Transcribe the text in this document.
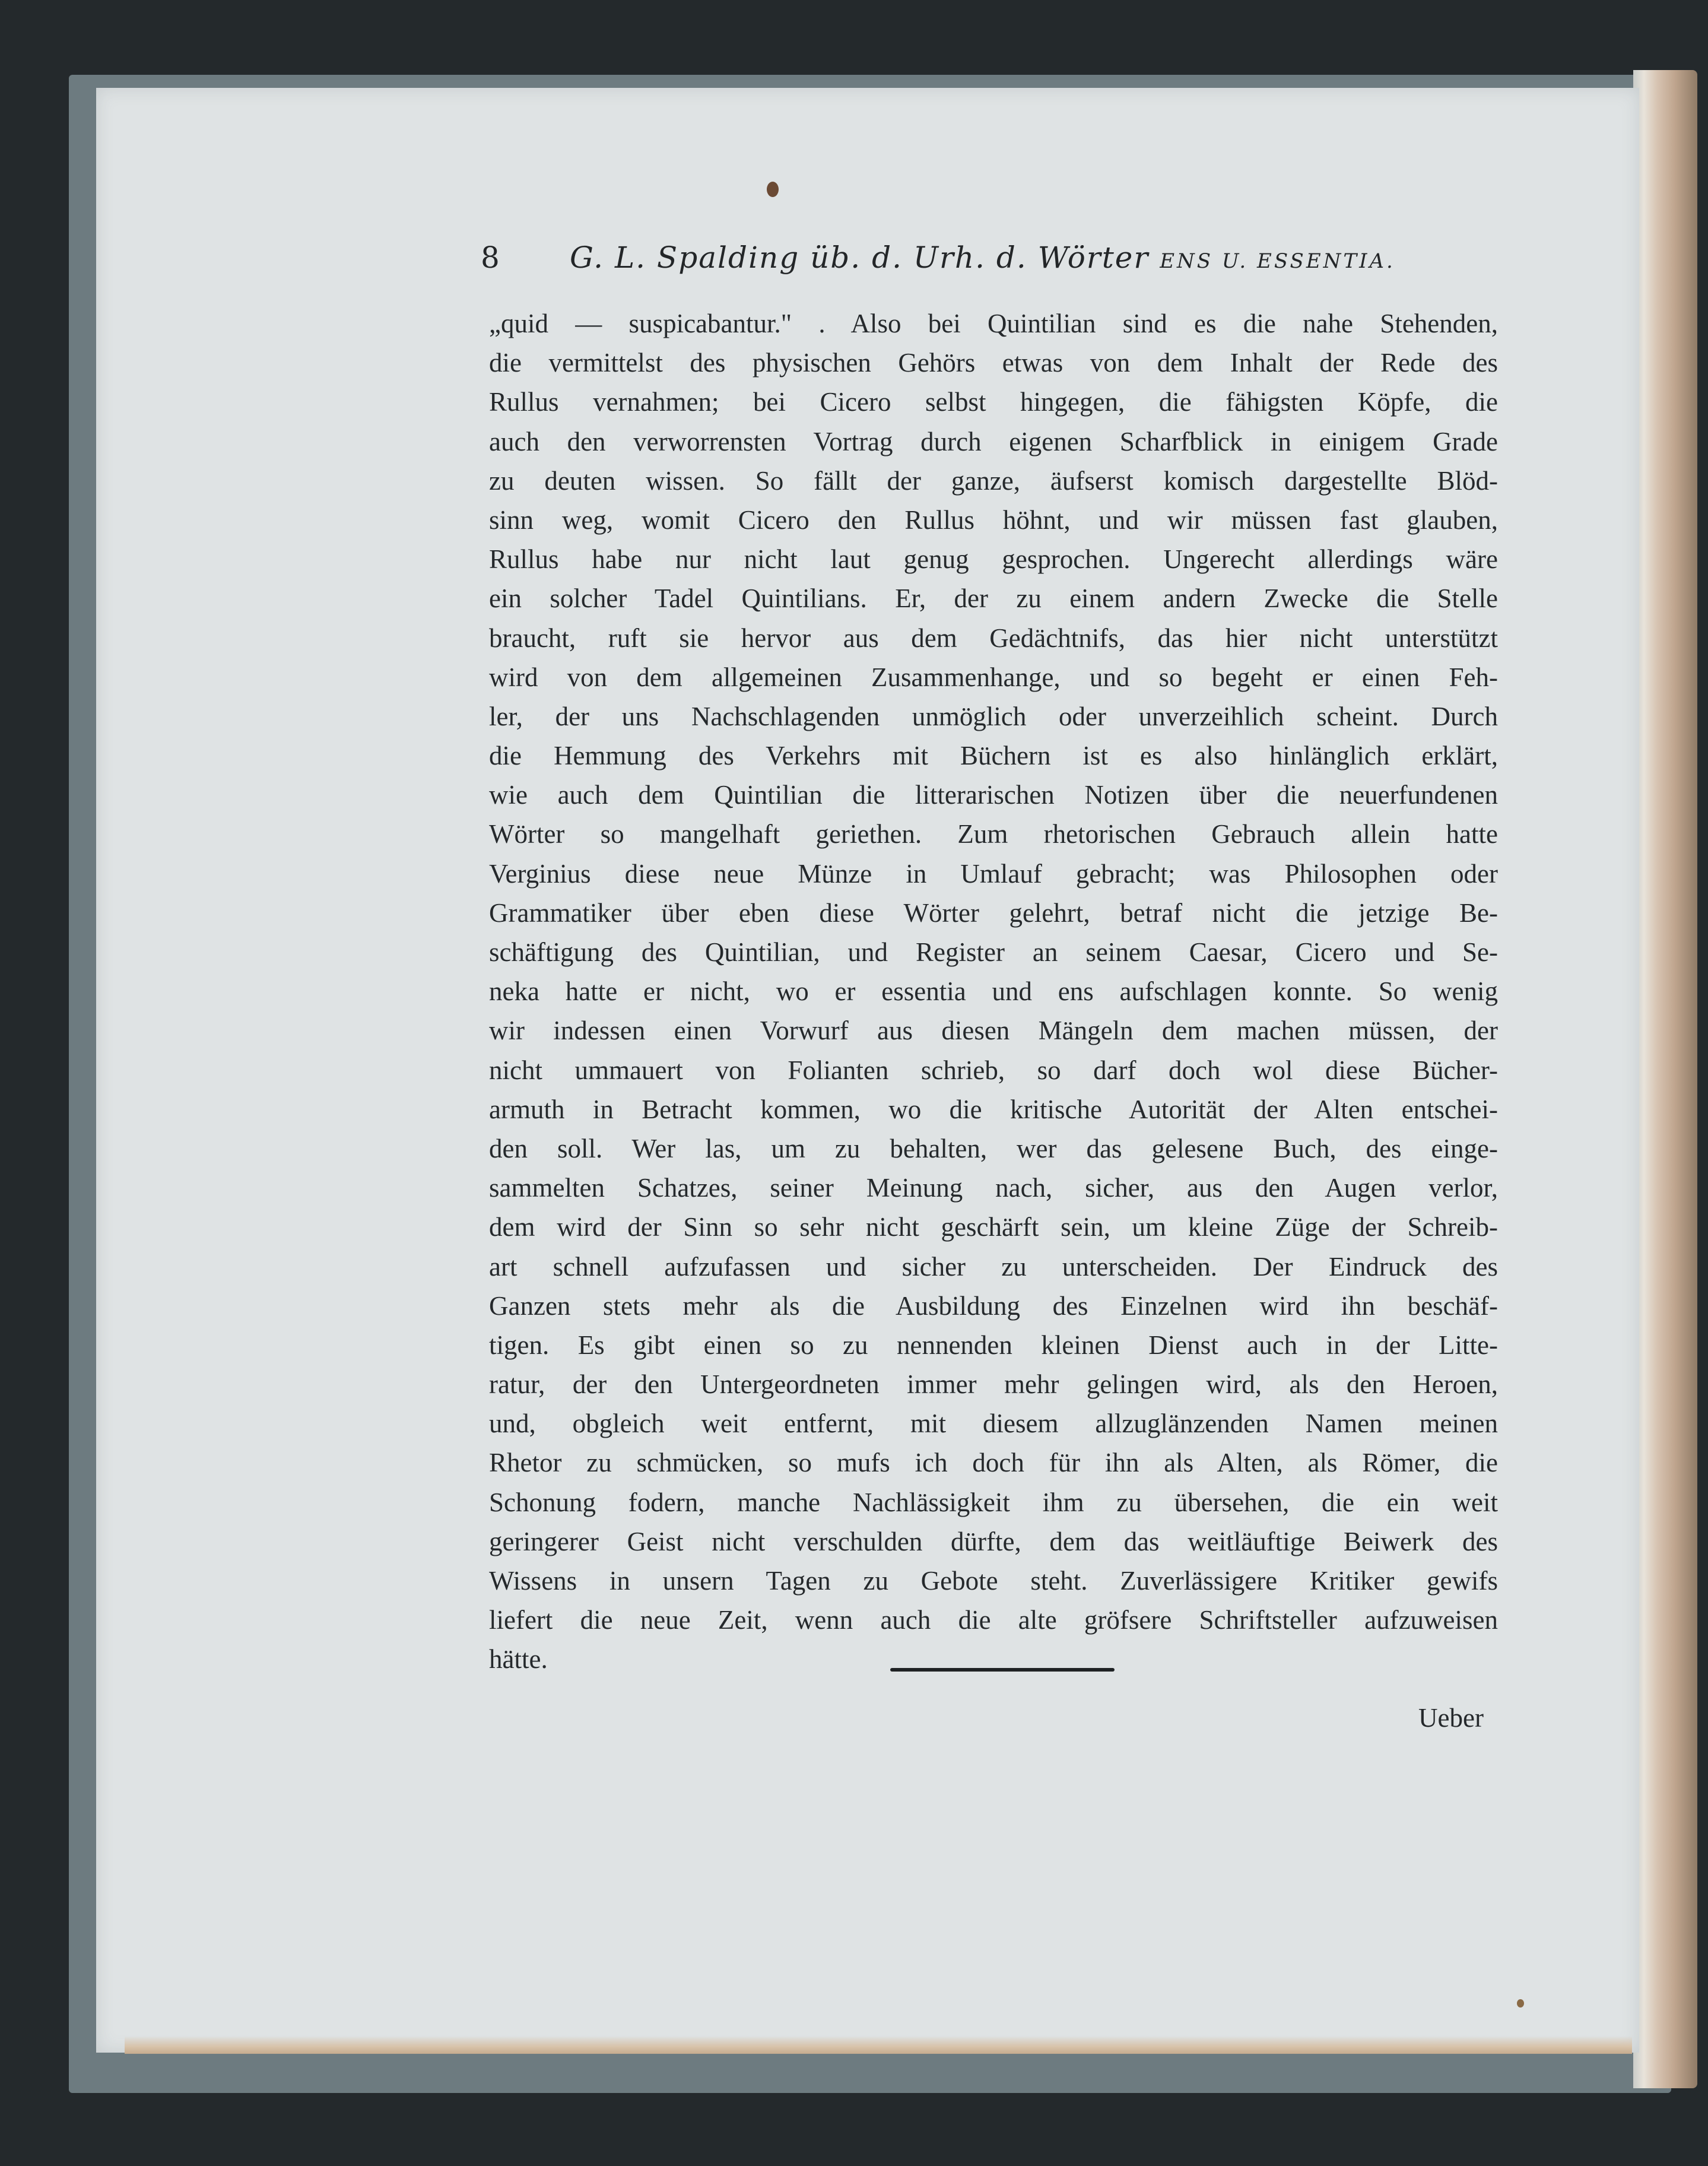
8 G. L. Spalding üb. d. Urh. d. Wörter ENS U. ESSENTIA.
„quid — suspicabantur." . Also bei Quintilian sind es die nahe Stehenden,
die vermittelst des physischen Gehörs etwas von dem Inhalt der Rede des
Rullus vernahmen; bei Cicero selbst hingegen, die fähigsten Köpfe, die
auch den verworrensten Vortrag durch eigenen Scharfblick in einigem Grade
zu deuten wissen. So fällt der ganze, äufserst komisch dargestellte Blöd-
sinn weg, womit Cicero den Rullus höhnt, und wir müssen fast glauben,
Rullus habe nur nicht laut genug gesprochen. Ungerecht allerdings wäre
ein solcher Tadel Quintilians. Er, der zu einem andern Zwecke die Stelle
braucht, ruft sie hervor aus dem Gedächtnifs, das hier nicht unterstützt
wird von dem allgemeinen Zusammenhange, und so begeht er einen Feh-
ler, der uns Nachschlagenden unmöglich oder unverzeihlich scheint. Durch
die Hemmung des Verkehrs mit Büchern ist es also hinlänglich erklärt,
wie auch dem Quintilian die litterarischen Notizen über die neuerfundenen
Wörter so mangelhaft geriethen. Zum rhetorischen Gebrauch allein hatte
Verginius diese neue Münze in Umlauf gebracht; was Philosophen oder
Grammatiker über eben diese Wörter gelehrt, betraf nicht die jetzige Be-
schäftigung des Quintilian, und Register an seinem Caesar, Cicero und Se-
neka hatte er nicht, wo er essentia und ens aufschlagen konnte. So wenig
wir indessen einen Vorwurf aus diesen Mängeln dem machen müssen, der
nicht ummauert von Folianten schrieb, so darf doch wol diese Bücher-
armuth in Betracht kommen, wo die kritische Autorität der Alten entschei-
den soll. Wer las, um zu behalten, wer das gelesene Buch, des einge-
sammelten Schatzes, seiner Meinung nach, sicher, aus den Augen verlor,
dem wird der Sinn so sehr nicht geschärft sein, um kleine Züge der Schreib-
art schnell aufzufassen und sicher zu unterscheiden. Der Eindruck des
Ganzen stets mehr als die Ausbildung des Einzelnen wird ihn beschäf-
tigen. Es gibt einen so zu nennenden kleinen Dienst auch in der Litte-
ratur, der den Untergeordneten immer mehr gelingen wird, als den Heroen,
und, obgleich weit entfernt, mit diesem allzuglänzenden Namen meinen
Rhetor zu schmücken, so mufs ich doch für ihn als Alten, als Römer, die
Schonung fodern, manche Nachlässigkeit ihm zu übersehen, die ein weit
geringerer Geist nicht verschulden dürfte, dem das weitläuftige Beiwerk des
Wissens in unsern Tagen zu Gebote steht. Zuverlässigere Kritiker gewifs
liefert die neue Zeit, wenn auch die alte gröfsere Schriftsteller aufzuweisen
hätte.
Ueber
